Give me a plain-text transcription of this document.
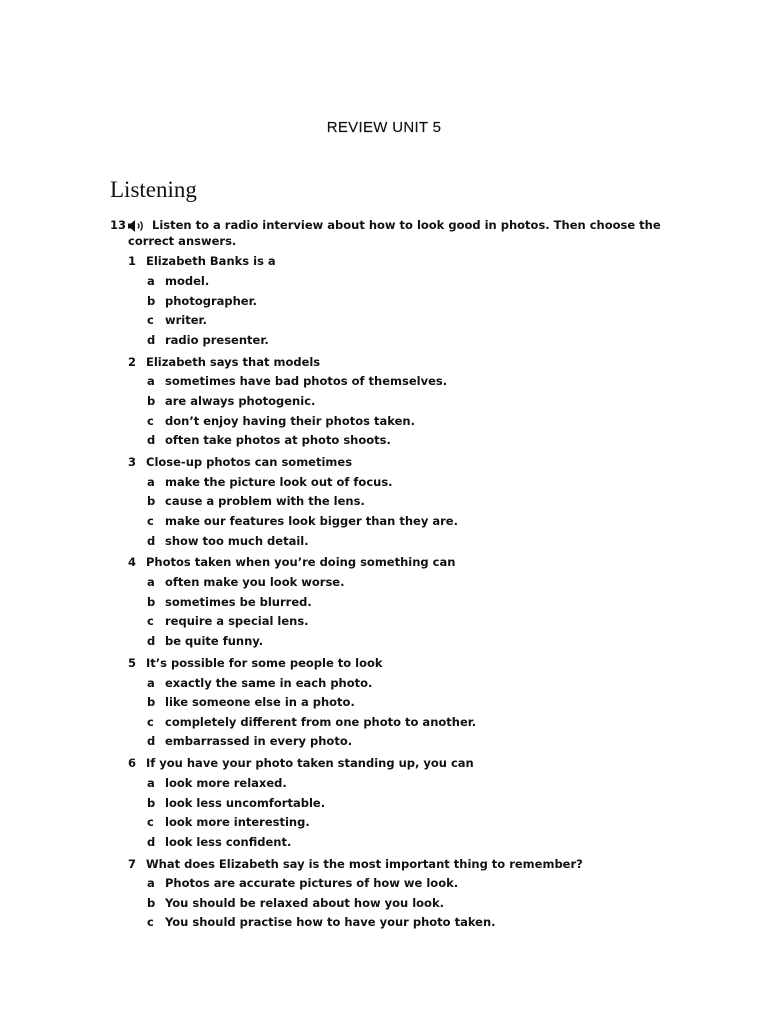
REVIEW UNIT 5
Listening
13 Listen to a radio interview about how to look good in photos. Then choose the
correct answers.
1 Elizabeth Banks is a
a model.
b photographer.
c writer.
d radio presenter.
2 Elizabeth says that models
a sometimes have bad photos of themselves.
b are always photogenic.
c don’t enjoy having their photos taken.
d often take photos at photo shoots.
3 Close-up photos can sometimes
a make the picture look out of focus.
b cause a problem with the lens.
c make our features look bigger than they are.
d show too much detail.
4 Photos taken when you’re doing something can
a often make you look worse.
b sometimes be blurred.
c require a special lens.
d be quite funny.
5 It’s possible for some people to look
a exactly the same in each photo.
b like someone else in a photo.
c completely different from one photo to another.
d embarrassed in every photo.
6 If you have your photo taken standing up, you can
a look more relaxed.
b look less uncomfortable.
c look more interesting.
d look less confident.
7 What does Elizabeth say is the most important thing to remember?
a Photos are accurate pictures of how we look.
b You should be relaxed about how you look.
c You should practise how to have your photo taken.
